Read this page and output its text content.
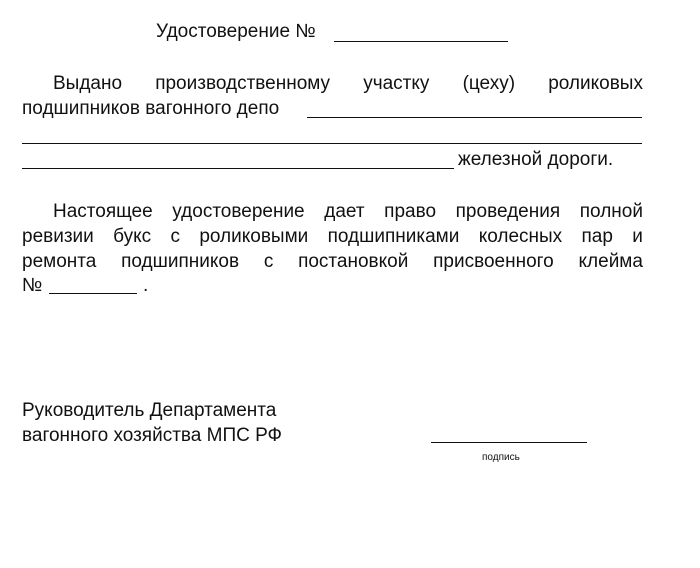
Удостоверение №
Выдано производственному участку (цеху) роликовых
подшипников вагонного депо
железной дороги.
Настоящее удостоверение дает право проведения полной
ревизии букс с роликовыми подшипниками колесных пар и
ремонта подшипников с постановкой присвоенного клейма
№	.
Руководитель Департамента
вагонного хозяйства МПС РФ
подпись
